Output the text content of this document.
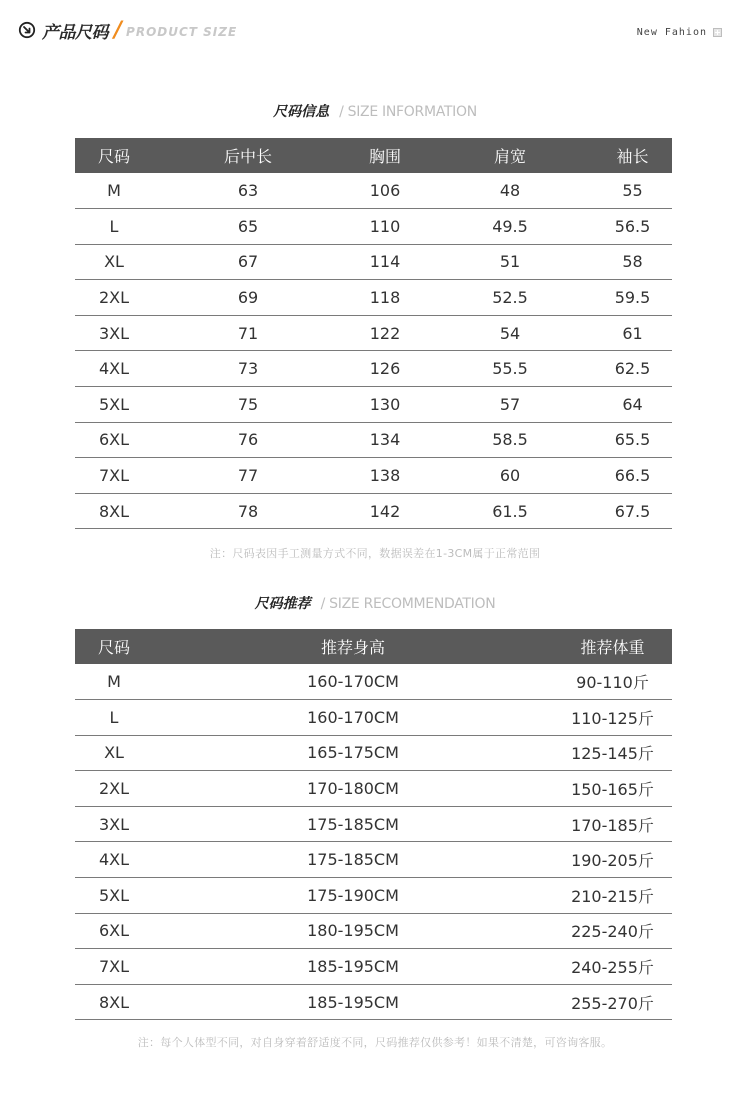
产品尺码 / PRODUCT SIZE	New Fahion
尺码信息 / SIZE INFORMATION
尺码	后中长	胸围	肩宽	袖长
M	63	106	48	55
L	65	110	49.5	56.5
XL	67	114	51	58
2XL	69	118	52.5	59.5
3XL	71	122	54	61
4XL	73	126	55.5	62.5
5XL	75	130	57	64
6XL	76	134	58.5	65.5
7XL	77	138	60	66.5
8XL	78	142	61.5	67.5
注：尺码表因手工测量方式不同，数据误差在1-3CM属于正常范围
尺码推荐 / SIZE RECOMMENDATION
尺码	推荐身高	推荐体重
M	160-170CM	90-110斤
L	160-170CM	110-125斤
XL	165-175CM	125-145斤
2XL	170-180CM	150-165斤
3XL	175-185CM	170-185斤
4XL	175-185CM	190-205斤
5XL	175-190CM	210-215斤
6XL	180-195CM	225-240斤
7XL	185-195CM	240-255斤
8XL	185-195CM	255-270斤
注：每个人体型不同，对自身穿着舒适度不同，尺码推荐仅供参考！如果不清楚，可咨询客服。
